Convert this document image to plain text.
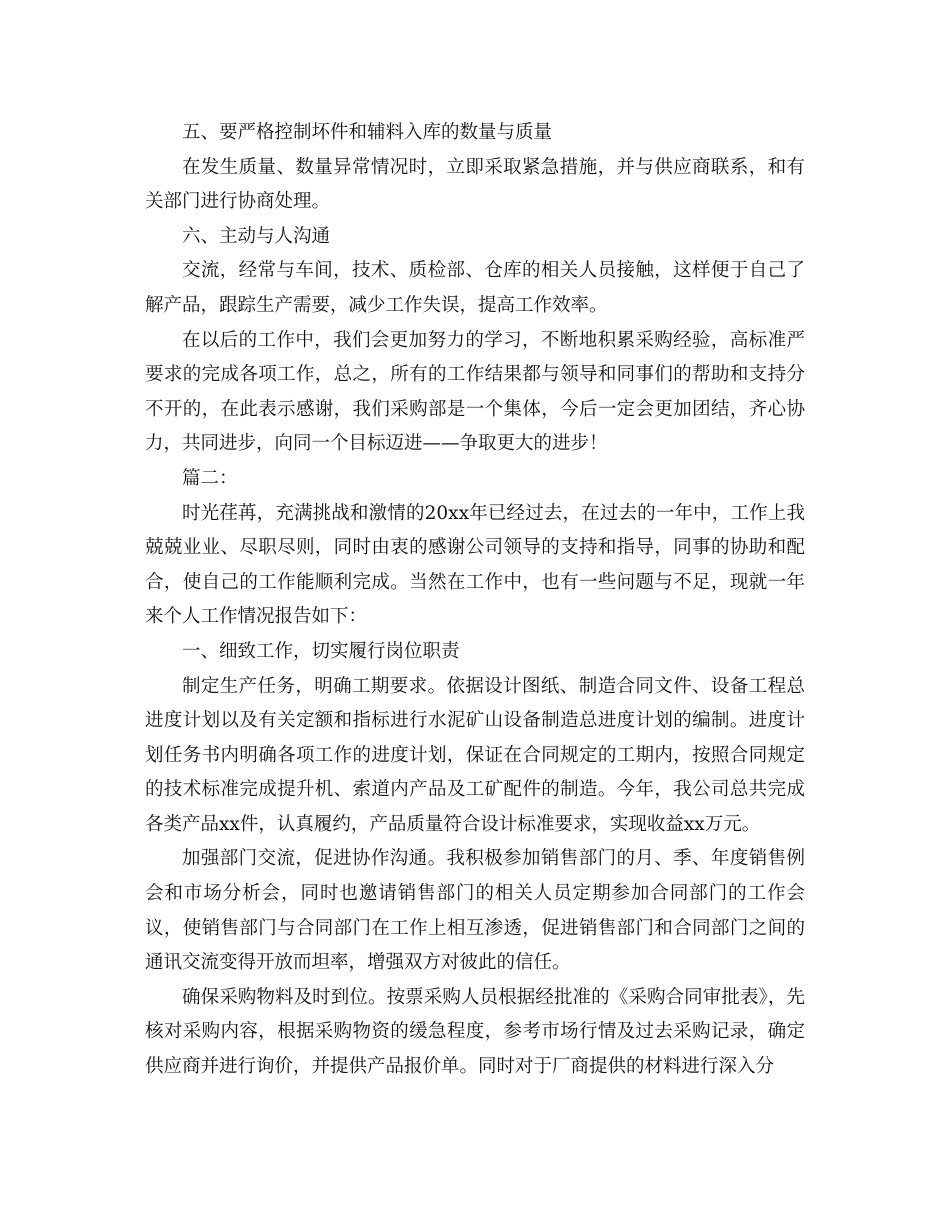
五、要严格控制坏件和辅料入库的数量与质量

在发生质量、数量异常情况时，立即采取紧急措施，并与供应商联系，和有关部门进行协商处理。

六、主动与人沟通

交流，经常与车间，技术、质检部、仓库的相关人员接触，这样便于自己了解产品，跟踪生产需要，减少工作失误，提高工作效率。

在以后的工作中，我们会更加努力的学习，不断地积累采购经验，高标准严要求的完成各项工作，总之，所有的工作结果都与领导和同事们的帮助和支持分不开的，在此表示感谢，我们采购部是一个集体，今后一定会更加团结，齐心协力，共同进步，向同一个目标迈进——争取更大的进步！

篇二：

时光荏苒，充满挑战和激情的20xx年已经过去，在过去的一年中，工作上我兢兢业业、尽职尽则，同时由衷的感谢公司领导的支持和指导，同事的协助和配合，使自己的工作能顺利完成。当然在工作中，也有一些问题与不足，现就一年来个人工作情况报告如下：

一、细致工作，切实履行岗位职责

制定生产任务，明确工期要求。依据设计图纸、制造合同文件、设备工程总进度计划以及有关定额和指标进行水泥矿山设备制造总进度计划的编制。进度计划任务书内明确各项工作的进度计划，保证在合同规定的工期内，按照合同规定的技术标准完成提升机、索道内产品及工矿配件的制造。今年，我公司总共完成各类产品xx件，认真履约，产品质量符合设计标准要求，实现收益xx万元。

加强部门交流，促进协作沟通。我积极参加销售部门的月、季、年度销售例会和市场分析会，同时也邀请销售部门的相关人员定期参加合同部门的工作会议，使销售部门与合同部门在工作上相互渗透，促进销售部门和合同部门之间的通讯交流变得开放而坦率，增强双方对彼此的信任。

确保采购物料及时到位。按票采购人员根据经批准的《采购合同审批表》，先核对采购内容，根据采购物资的缓急程度，参考市场行情及过去采购记录，确定供应商并进行询价，并提供产品报价单。同时对于厂商提供的材料进行深入分
